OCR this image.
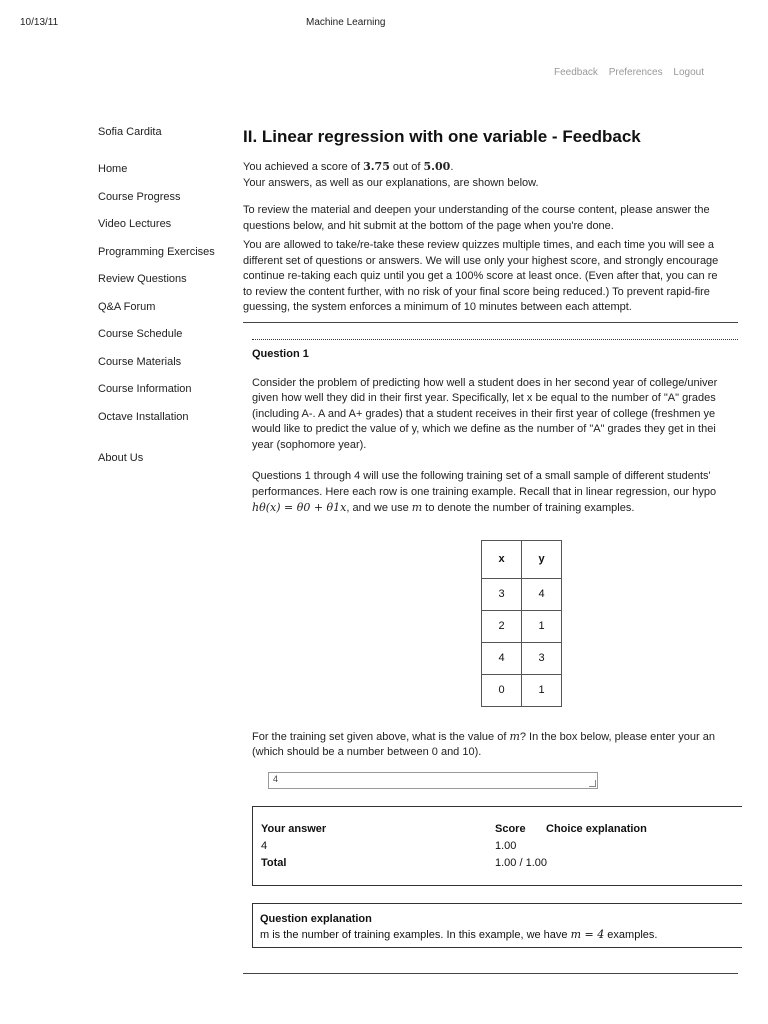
10/13/11	Machine Learning
Feedback Preferences Logout
Sofia Cardita
Home
Course Progress
Video Lectures
Programming Exercises
Review Questions
Q&A Forum
Course Schedule
Course Materials
Course Information
Octave Installation
About Us
II. Linear regression with one variable - Feedback

You achieved a score of 3.75 out of 5.00.

Your answers, as well as our explanations, are shown below.

To review the material and deepen your understanding of the course content, please answer the

questions below, and hit submit at the bottom of the page when you're done.

You are allowed to take/re-take these review quizzes multiple times, and each time you will see a

different set of questions or answers. We will use only your highest score, and strongly encourage

continue re-taking each quiz until you get a 100% score at least once. (Even after that, you can re

to review the content further, with no risk of your final score being reduced.) To prevent rapid-fire

guessing, the system enforces a minimum of 10 minutes between each attempt.

Question 1

Consider the problem of predicting how well a student does in her second year of college/univer

given how well they did in their first year. Specifically, let x be equal to the number of "A" grades

(including A-. A and A+ grades) that a student receives in their first year of college (freshmen ye

would like to predict the value of y, which we define as the number of "A" grades they get in thei

year (sophomore year).

Questions 1 through 4 will use the following training set of a small sample of different students'

performances. Here each row is one training example. Recall that in linear regression, our hypo

hθ(x) = θ0 + θ1x, and we use m to denote the number of training examples.

x	y
3	4
2	1
4	3
0	1

For the training set given above, what is the value of m? In the box below, please enter your an

(which should be a number between 0 and 10).

4
Your answer	Score Choice explanation
4	1.00
Total	1.00 / 1.00
Question explanation
m is the number of training examples. In this example, we have m = 4 examples.
